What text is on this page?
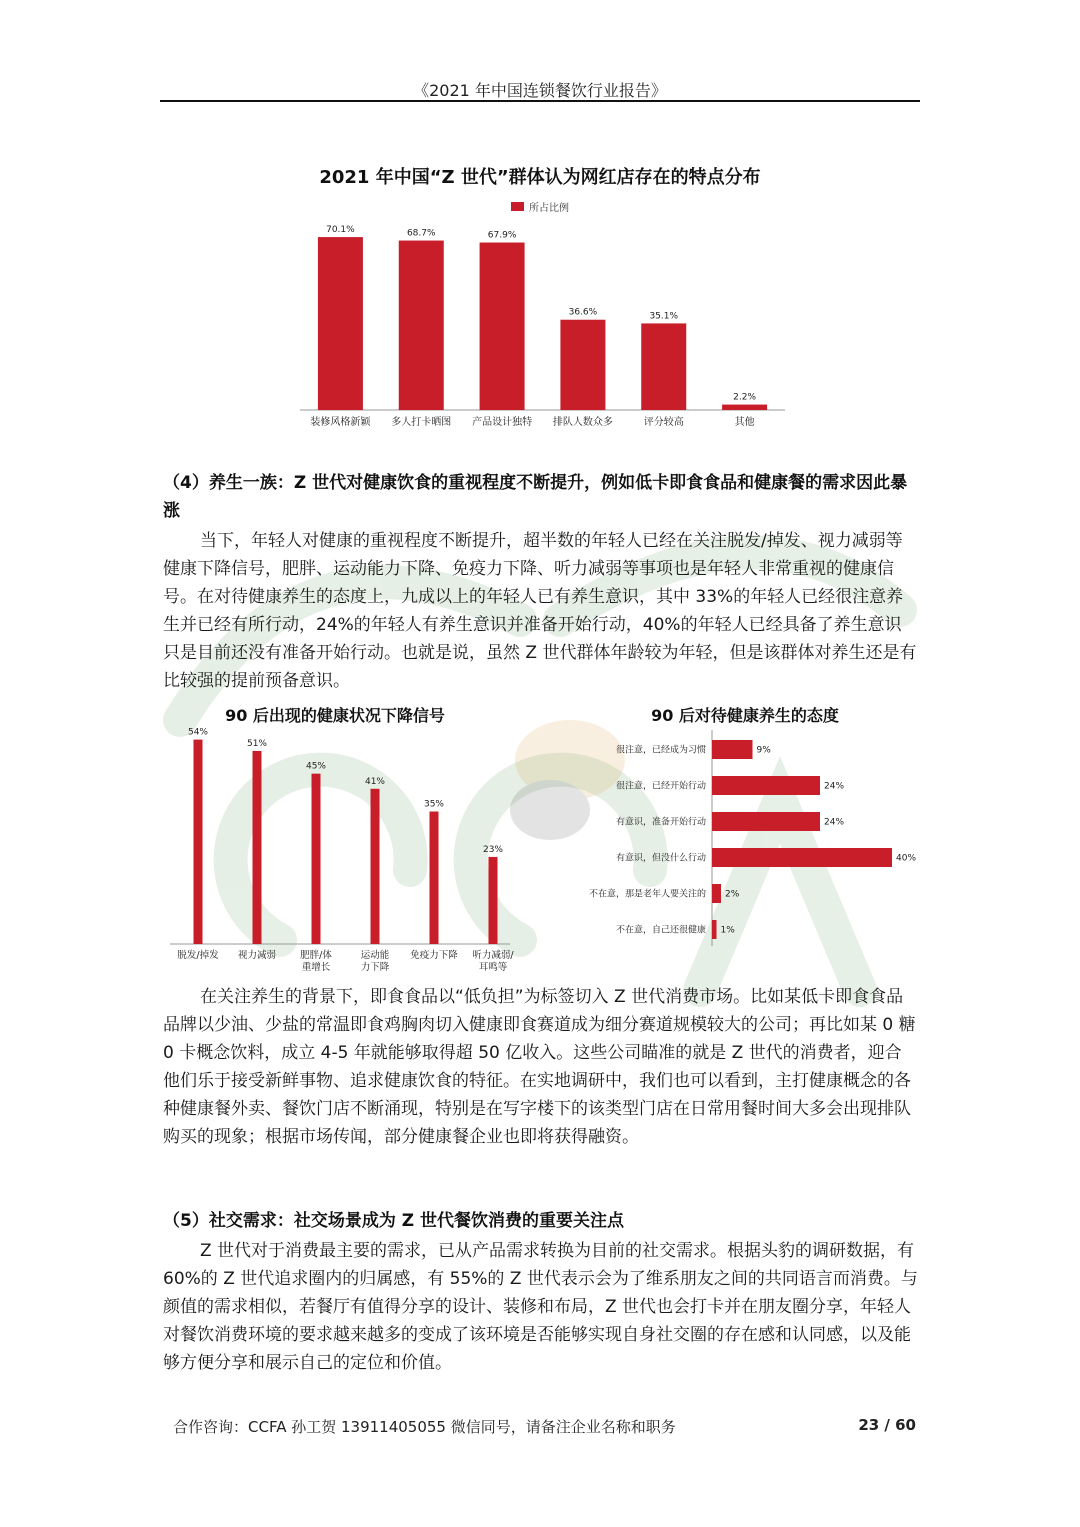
《2021 年中国连锁餐饮行业报告》
2021 年中国“Z 世代”群体认为网红店存在的特点分布
所占比例
70.1%
装修风格新颖
68.7%
多人打卡晒图
67.9%
产品设计独特
36.6%
排队人数众多
35.1%
评分较高
2.2%
其他

（4）养生一族：Z 世代对健康饮食的重视程度不断提升，例如低卡即食食品和健康餐的需求因此暴涨

当下，年轻人对健康的重视程度不断提升，超半数的年轻人已经在关注脱发/掉发、视力减弱等健康下降信号，肥胖、运动能力下降、免疫力下降、听力减弱等事项也是年轻人非常重视的健康信号。在对待健康养生的态度上，九成以上的年轻人已有养生意识，其中 33%的年轻人已经很注意养生并已经有所行动，24%的年轻人有养生意识并准备开始行动，40%的年轻人已经具备了养生意识只是目前还没有准备开始行动。也就是说，虽然 Z 世代群体年龄较为年轻，但是该群体对养生还是有比较强的提前预备意识。

90 后出现的健康状况下降信号
54%
脱发/掉发
51%
视力减弱
45%
肥胖/体
重增长
41%
运动能
力下降
35%
免疫力下降
23%
听力减弱/
耳鸣等
90 后对待健康养生的态度
很注意，已经成为习惯	9%
很注意，已经开始行动	24%
有意识，准备开始行动	24%
有意识，但没什么行动	40%
不在意，那是老年人要关注的 2%
不在意，自己还很健康 1%

在关注养生的背景下，即食食品以“低负担”为标签切入 Z 世代消费市场。比如某低卡即食食品品牌以少油、少盐的常温即食鸡胸肉切入健康即食赛道成为细分赛道规模较大的公司；再比如某 0 糖 0 卡概念饮料，成立 4-5 年就能够取得超 50 亿收入。这些公司瞄准的就是 Z 世代的消费者，迎合他们乐于接受新鲜事物、追求健康饮食的特征。在实地调研中，我们也可以看到，主打健康概念的各种健康餐外卖、餐饮门店不断涌现，特别是在写字楼下的该类型门店在日常用餐时间大多会出现排队购买的现象；根据市场传闻，部分健康餐企业也即将获得融资。

（5）社交需求：社交场景成为 Z 世代餐饮消费的重要关注点

Z 世代对于消费最主要的需求，已从产品需求转换为目前的社交需求。根据头豹的调研数据，有 60%的 Z 世代追求圈内的归属感，有 55%的 Z 世代表示会为了维系朋友之间的共同语言而消费。与颜值的需求相似，若餐厅有值得分享的设计、装修和布局，Z 世代也会打卡并在朋友圈分享，年轻人对餐饮消费环境的要求越来越多的变成了该环境是否能够实现自身社交圈的存在感和认同感，以及能够方便分享和展示自己的定位和价值。

合作咨询：CCFA 孙工贺 13911405055 微信同号，请备注企业名称和职务	23 / 60
